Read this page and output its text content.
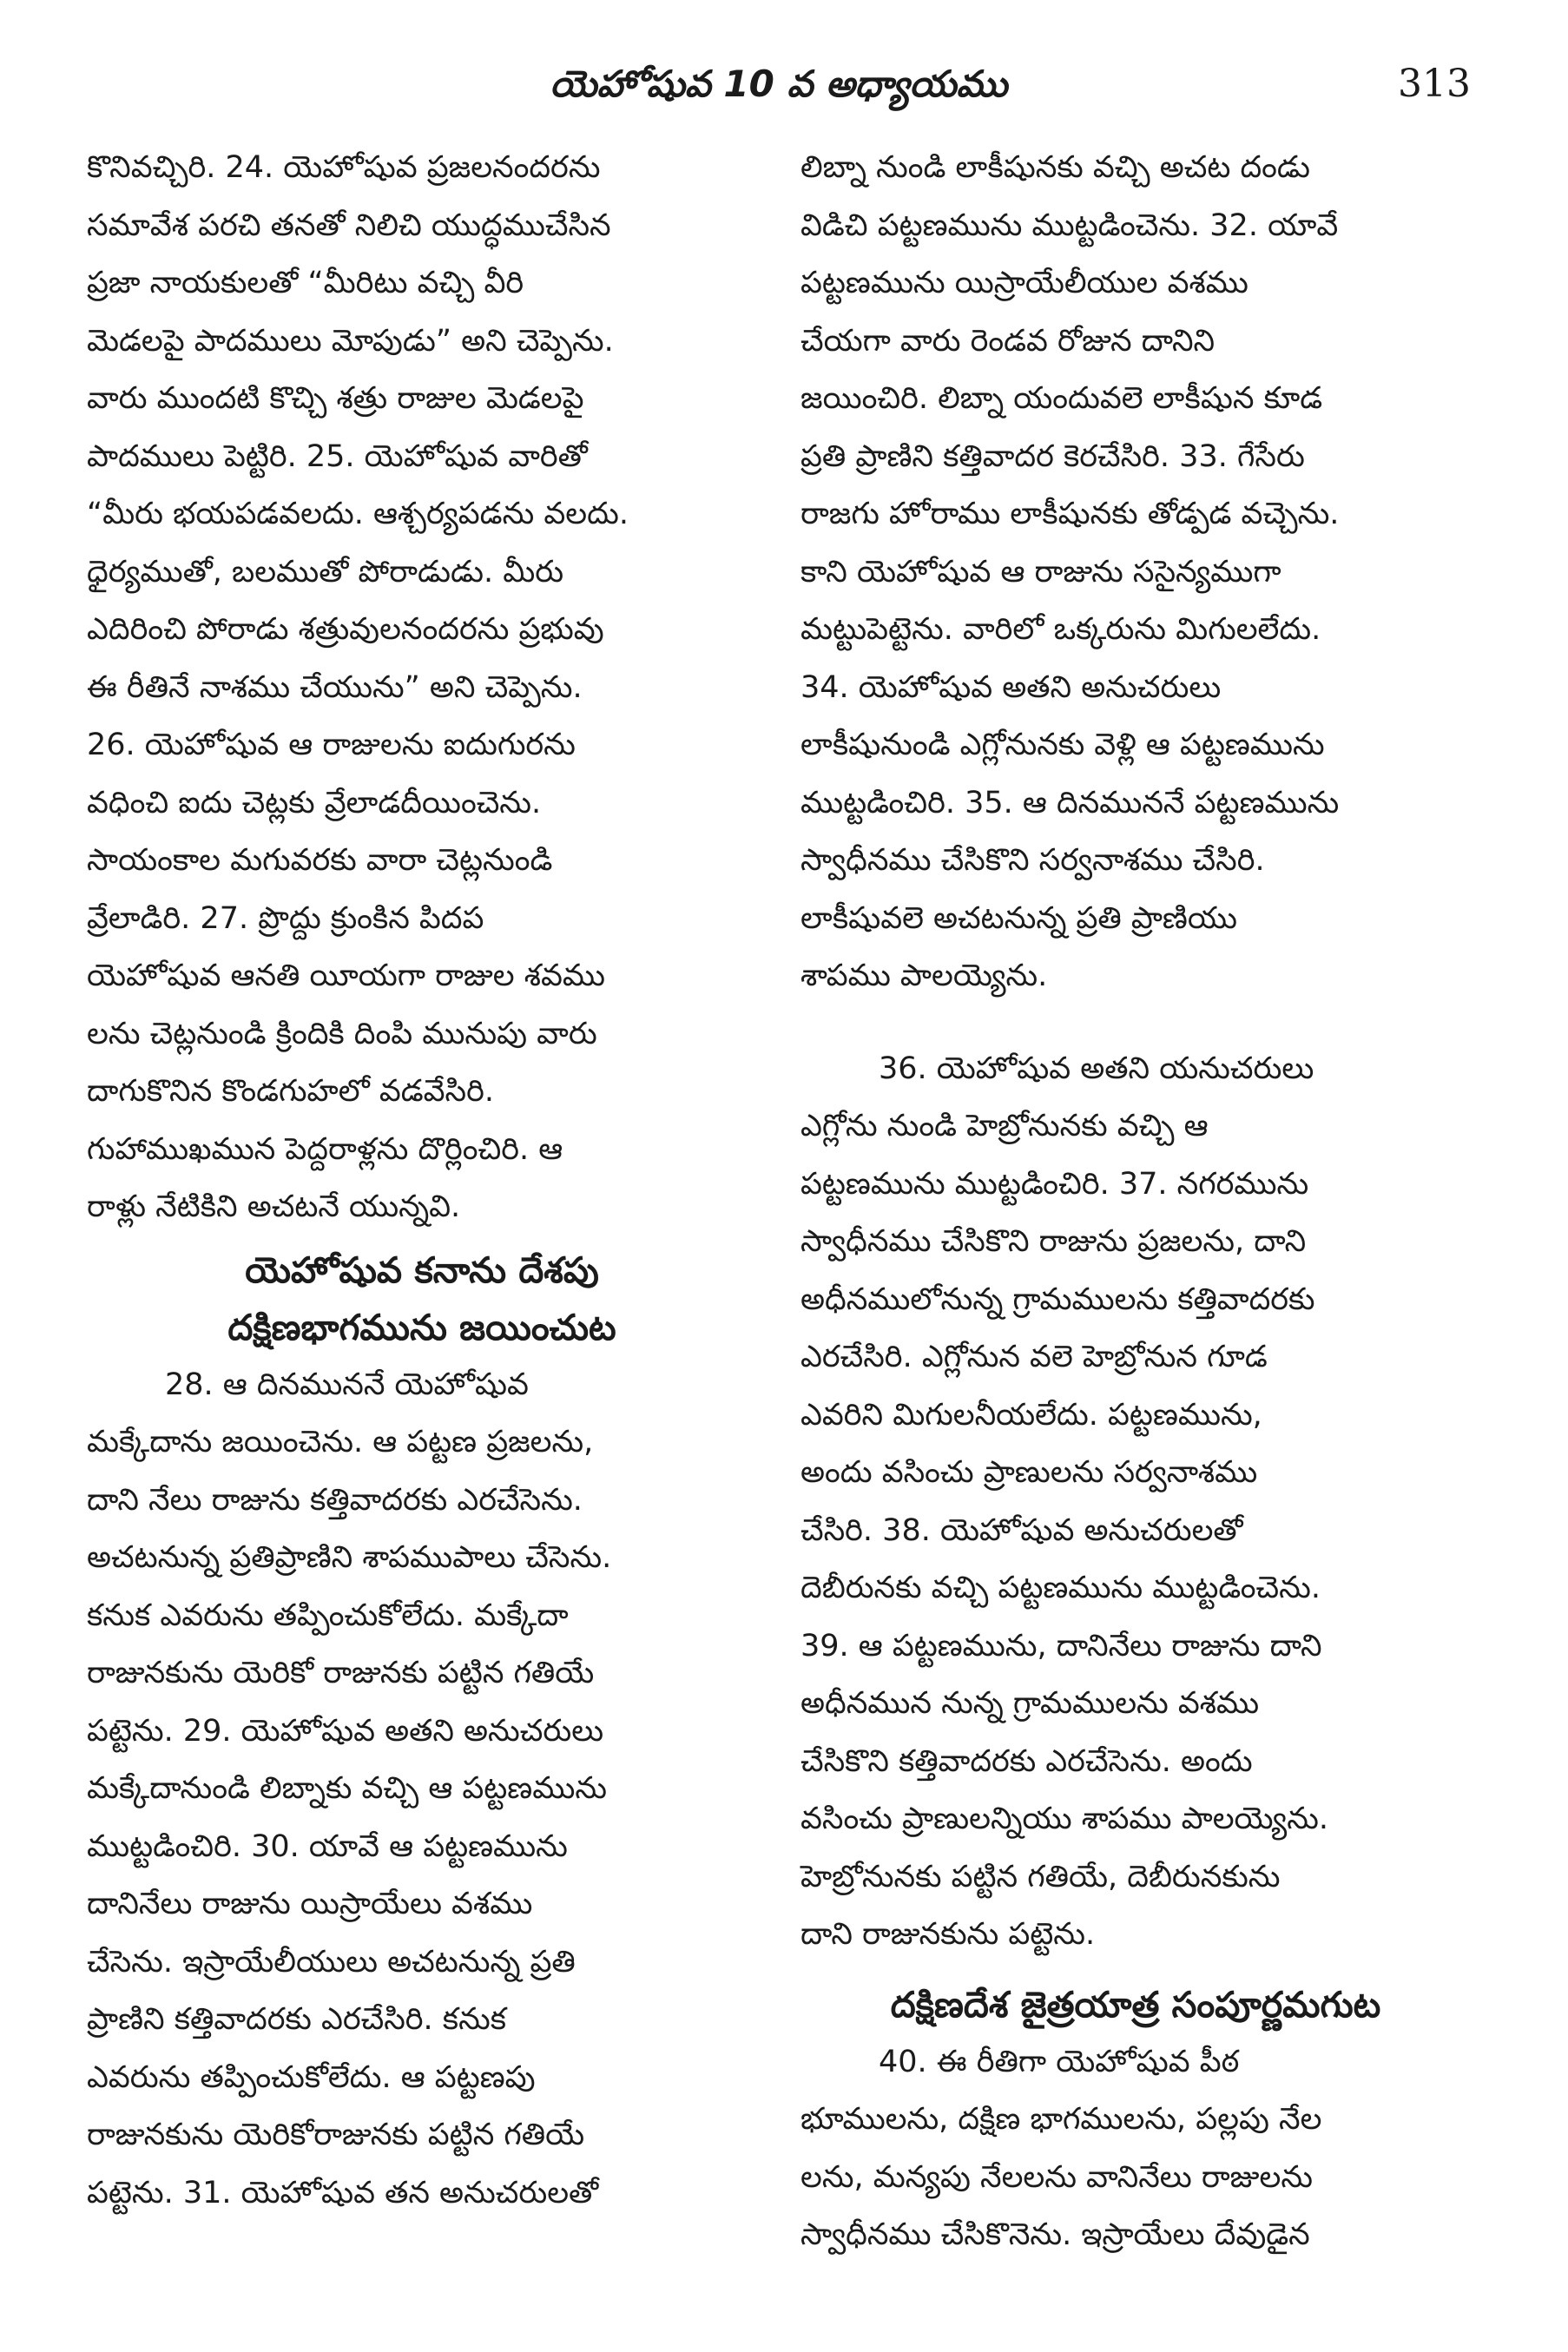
యెహోషువ 10 వ అధ్యాయము	313

కొనివచ్చిరి. 24. యెహోషువ ప్రజలనందరను
సమావేశ పరచి తనతో నిలిచి యుద్ధముచేసిన
ప్రజా నాయకులతో “మీరిటు వచ్చి వీరి
మెడలపై పాదములు మోపుడు” అని చెప్పెను.
వారు ముందటి కొచ్చి శత్రు రాజుల మెడలపై
పాదములు పెట్టిరి. 25. యెహోషువ వారితో
“మీరు భయపడవలదు. ఆశ్చర్యపడను వలదు.
ధైర్యముతో, బలముతో పోరాడుడు. మీరు
ఎదిరించి పోరాడు శత్రువులనందరను ప్రభువు
ఈ రీతినే నాశము చేయును” అని చెప్పెను.
26. యెహోషువ ఆ రాజులను ఐదుగురను
వధించి ఐదు చెట్లకు వ్రేలాడదీయించెను.
సాయంకాల మగువరకు వారా చెట్లనుండి
వ్రేలాడిరి. 27. ప్రొద్దు క్రుంకిన పిదప
యెహోషువ ఆనతి యీయగా రాజుల శవము
లను చెట్లనుండి క్రిందికి దింపి మునుపు వారు
దాగుకొనిన కొండగుహలో వడవేసిరి.
గుహాముఖమున పెద్దరాళ్లను దొర్లించిరి. ఆ
రాళ్లు నేటికిని అచటనే యున్నవి.

యెహోషువ కనాను దేశపు
దక్షిణభాగమును జయించుట

28. ఆ దినముననే యెహోషువ
మక్కేదాను జయించెను. ఆ పట్టణ ప్రజలను,
దాని నేలు రాజును కత్తివాదరకు ఎరచేసెను.
అచటనున్న ప్రతిప్రాణిని శాపముపాలు చేసెను.
కనుక ఎవరును తప్పించుకోలేదు. మక్కేదా
రాజునకును యెరికో రాజునకు పట్టిన గతియే
పట్టెను. 29. యెహోషువ అతని అనుచరులు
మక్కేదానుండి లిబ్నాకు వచ్చి ఆ పట్టణమును
ముట్టడించిరి. 30. యావే ఆ పట్టణమును
దానినేలు రాజును యిస్రాయేలు వశము
చేసెను. ఇస్రాయేలీయులు అచటనున్న ప్రతి
ప్రాణిని కత్తివాదరకు ఎరచేసిరి. కనుక
ఎవరును తప్పించుకోలేదు. ఆ పట్టణపు
రాజునకును యెరికోరాజునకు పట్టిన గతియే
పట్టెను. 31. యెహోషువ తన అనుచరులతో

లిబ్నా నుండి లాకీషునకు వచ్చి అచట దండు
విడిచి పట్టణమును ముట్టడించెను. 32. యావే
పట్టణమును యిస్రాయేలీయుల వశము
చేయగా వారు రెండవ రోజున దానిని
జయించిరి. లిబ్నా యందువలె లాకీషున కూడ
ప్రతి ప్రాణిని కత్తివాదర కెరచేసిరి. 33. గేసేరు
రాజగు హోరాము లాకీషునకు తోడ్పడ వచ్చెను.
కాని యెహోషువ ఆ రాజును ససైన్యముగా
మట్టుపెట్టెను. వారిలో ఒక్కరును మిగులలేదు.
34. యెహోషువ అతని అనుచరులు
లాకీషునుండి ఎగ్లోనునకు వెళ్లి ఆ పట్టణమును
ముట్టడించిరి. 35. ఆ దినముననే పట్టణమును
స్వాధీనము చేసికొని సర్వనాశము చేసిరి.
లాకీషువలె అచటనున్న ప్రతి ప్రాణియు
శాపము పాలయ్యెను.

36. యెహోషువ అతని యనుచరులు
ఎగ్లోను నుండి హెబ్రోనునకు వచ్చి ఆ
పట్టణమును ముట్టడించిరి. 37. నగరమును
స్వాధీనము చేసికొని రాజును ప్రజలను, దాని
అధీనములోనున్న గ్రామములను కత్తివాదరకు
ఎరచేసిరి. ఎగ్లోనున వలె హెబ్రోనున గూడ
ఎవరిని మిగులనీయలేదు. పట్టణమును,
అందు వసించు ప్రాణులను సర్వనాశము
చేసిరి. 38. యెహోషువ అనుచరులతో
దెబీరునకు వచ్చి పట్టణమును ముట్టడించెను.
39. ఆ పట్టణమును, దానినేలు రాజును దాని
అధీనమున నున్న గ్రామములను వశము
చేసికొని కత్తివాదరకు ఎరచేసెను. అందు
వసించు ప్రాణులన్నియు శాపము పాలయ్యెను.
హెబ్రోనునకు పట్టిన గతియే, దెబీరునకును
దాని రాజునకును పట్టెను.

దక్షిణదేశ జైత్రయాత్ర సంపూర్ణమగుట

40. ఈ రీతిగా యెహోషువ పీఠ
భూములను, దక్షిణ భాగములను, పల్లపు నేల
లను, మన్యపు నేలలను వానినేలు రాజులను
స్వాధీనము చేసికొనెను. ఇస్రాయేలు దేవుడైన
